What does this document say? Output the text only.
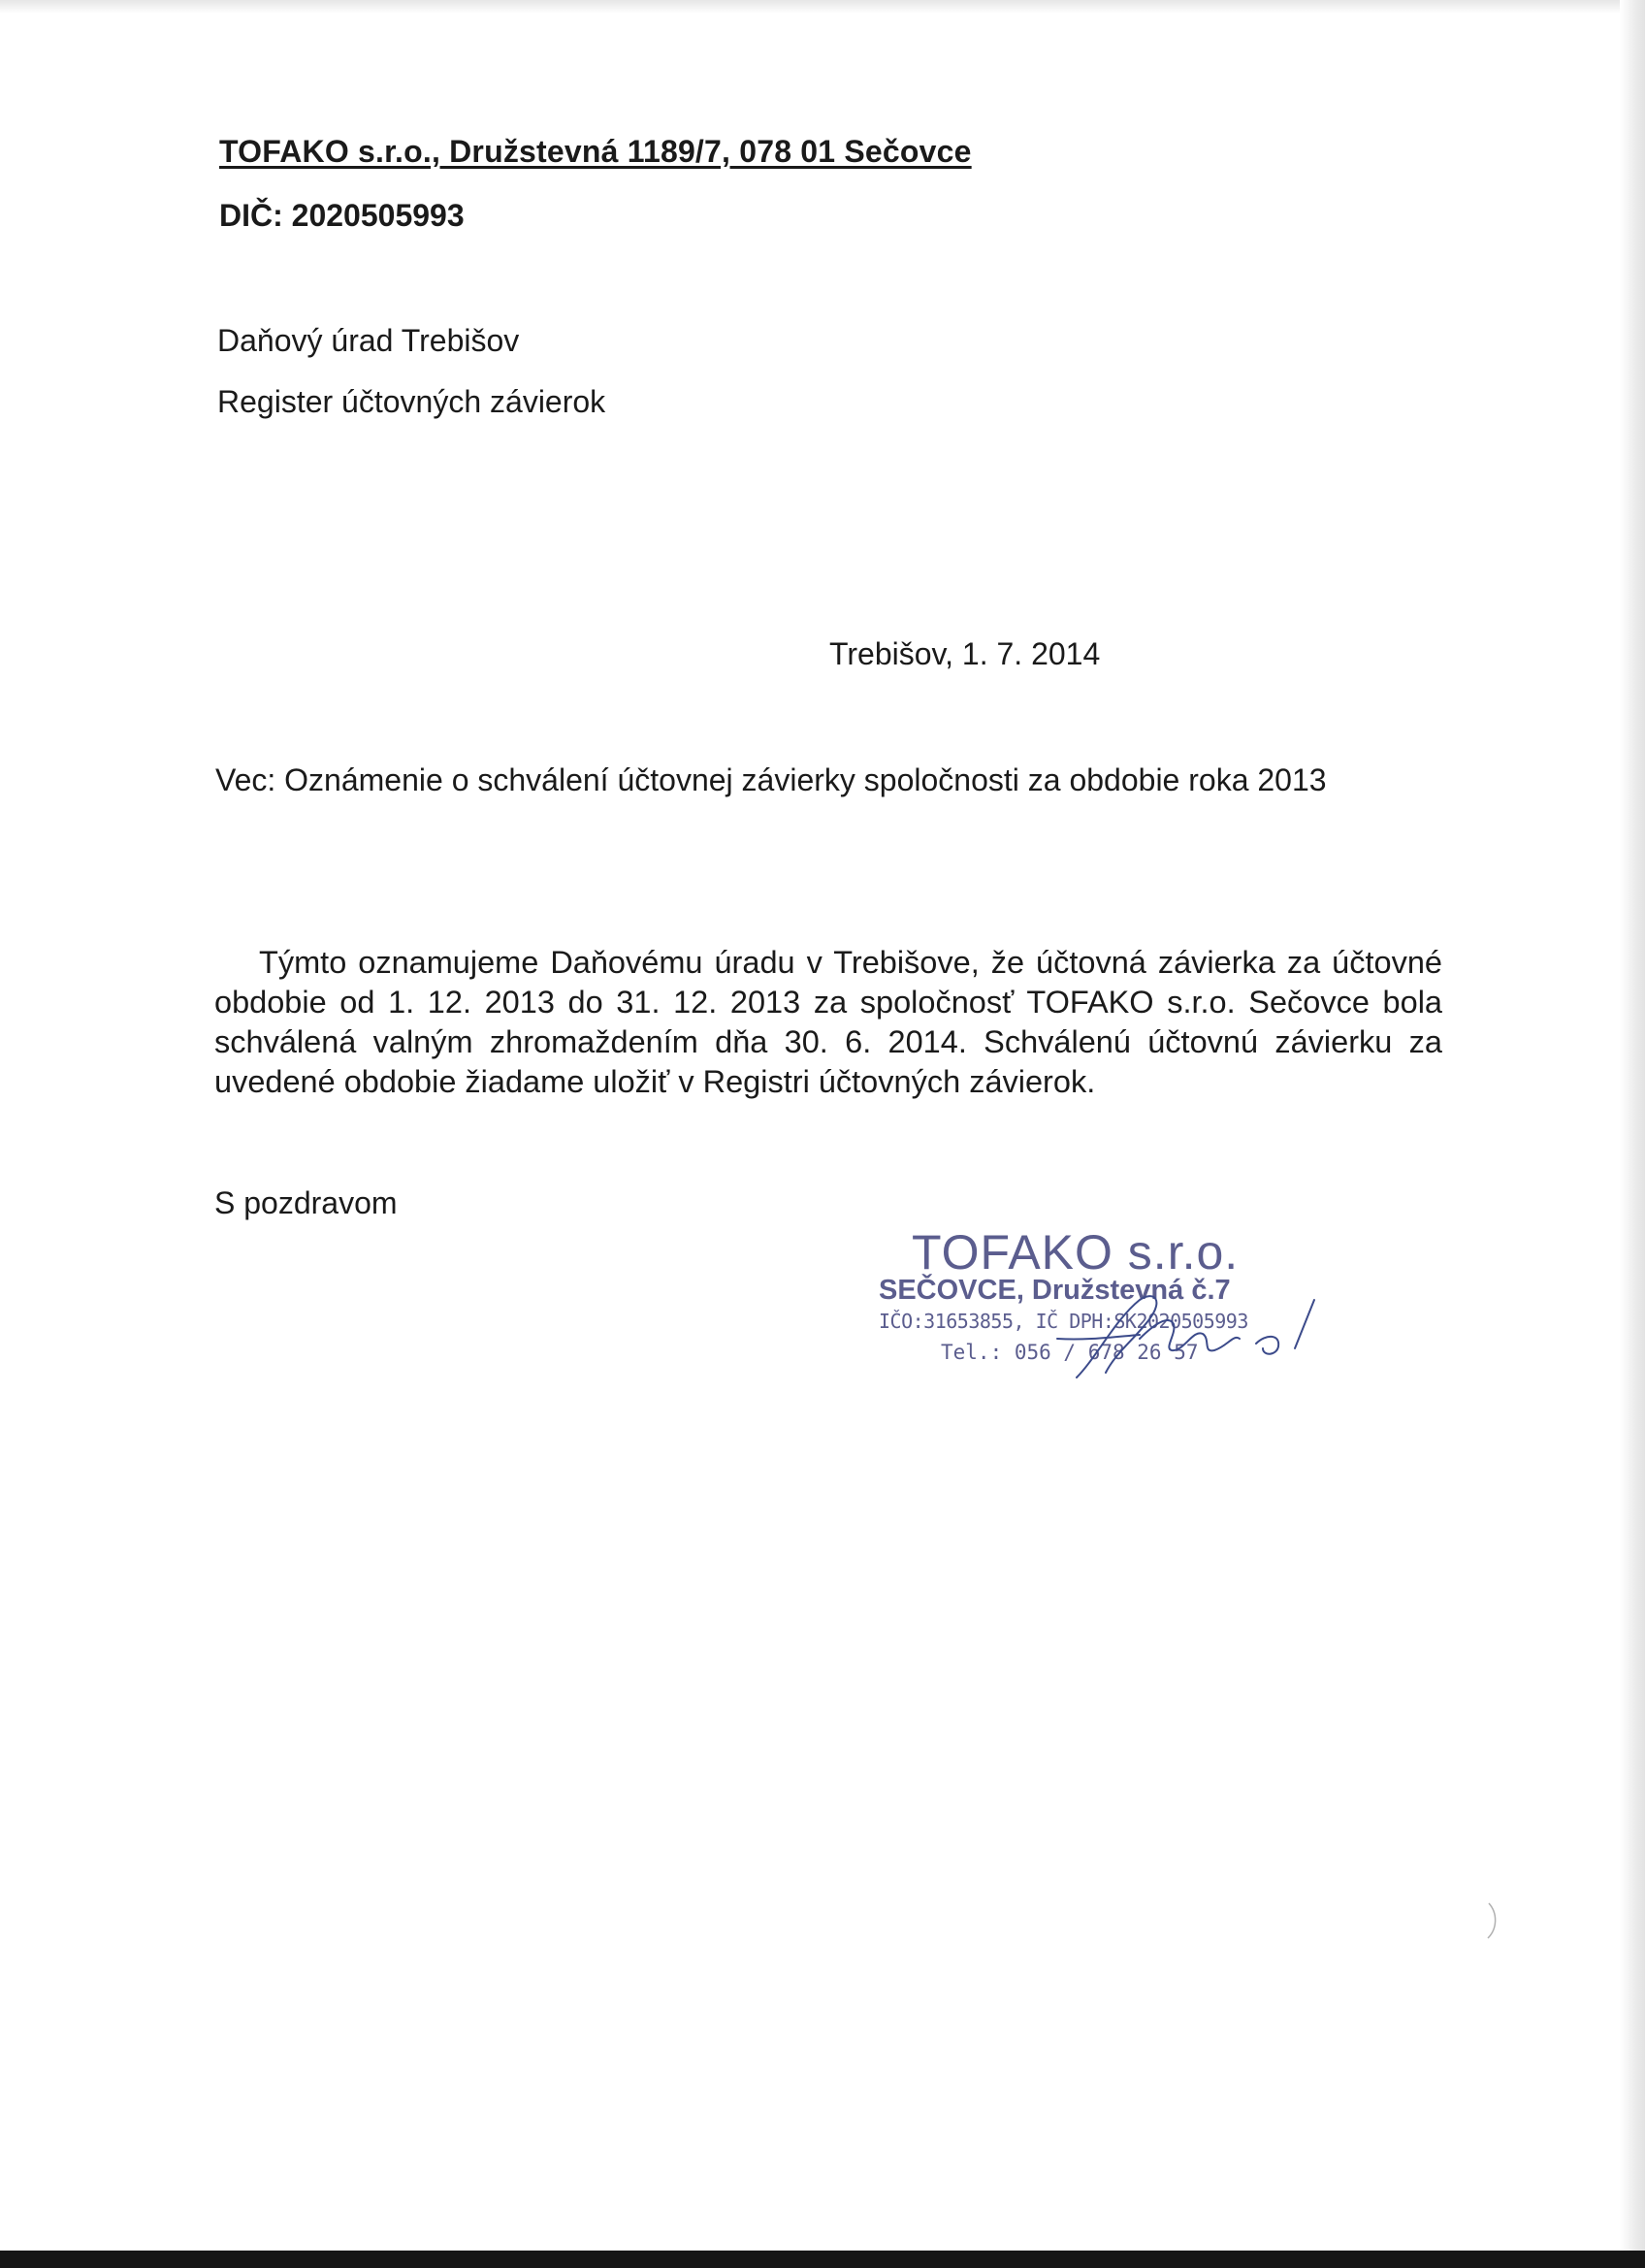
TOFAKO s.r.o., Družstevná 1189/7, 078 01 Sečovce
DIČ: 2020505993
Daňový úrad Trebišov
Register účtovných závierok
Trebišov, 1. 7. 2014
Vec: Oznámenie o schválení účtovnej závierky spoločnosti za obdobie roka 2013
Týmto oznamujeme Daňovému úradu v Trebišove, že účtovná závierka za účtovné obdobie od 1. 12. 2013 do 31. 12. 2013 za spoločnosť TOFAKO s.r.o. Sečovce bola schválená valným zhromaždením dňa 30. 6. 2014. Schválenú účtovnú závierku za uvedené obdobie žiadame uložiť v Registri účtovných závierok.
S pozdravom
TOFAKO s.r.o.
SEČOVCE, Družstevná č.7
IČO:31653855, IČ DPH:SK2020505993
Tel.: 056 / 678 26 57
